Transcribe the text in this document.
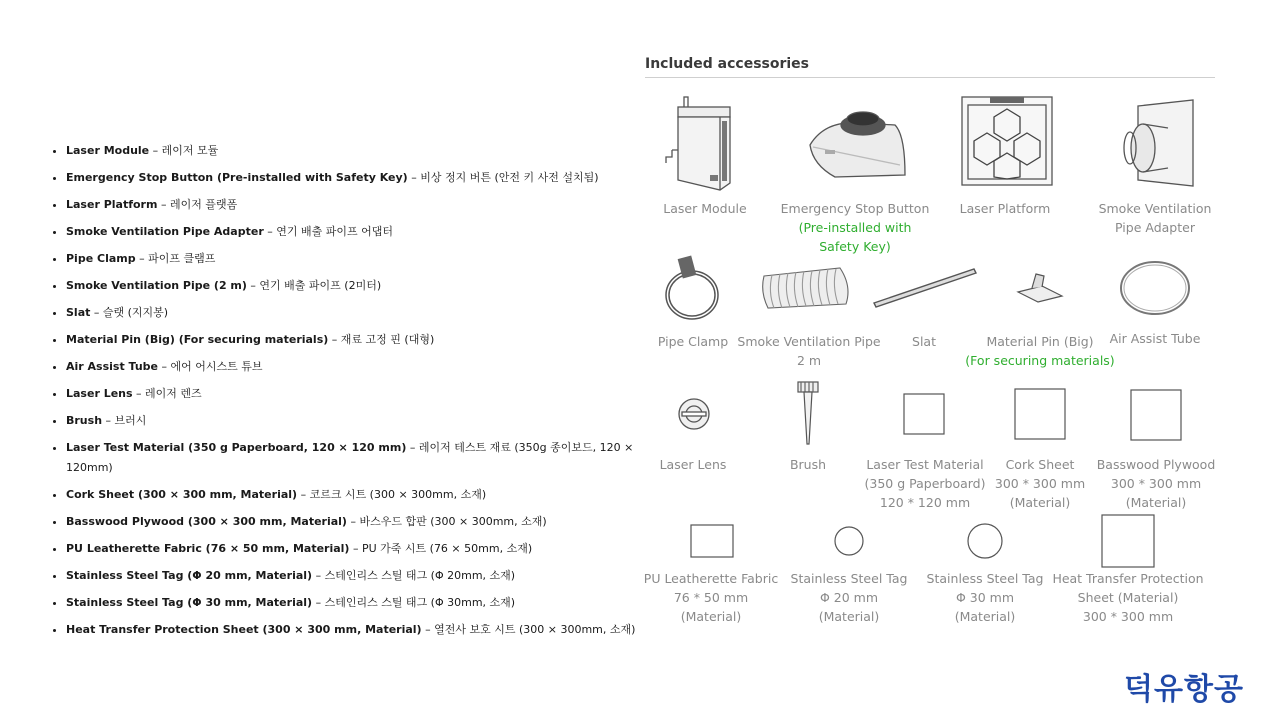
• Laser Module – 레이저 모듈
• Emergency Stop Button (Pre-installed with Safety Key) – 비상 정지 버튼 (안전 키 사전 설치됨)
• Laser Platform – 레이저 플랫폼
• Smoke Ventilation Pipe Adapter – 연기 배출 파이프 어댑터
• Pipe Clamp – 파이프 클램프
• Smoke Ventilation Pipe (2 m) – 연기 배출 파이프 (2미터)
• Slat – 슬랫 (지지봉)
• Material Pin (Big) (For securing materials) – 재료 고정 핀 (대형)
• Air Assist Tube – 에어 어시스트 튜브
• Laser Lens – 레이저 렌즈
• Brush – 브러시
• Laser Test Material (350 g Paperboard, 120 × 120 mm) – 레이저 테스트 재료 (350g 종이보드, 120 × 120mm)
• Cork Sheet (300 × 300 mm, Material) – 코르크 시트 (300 × 300mm, 소재)
• Basswood Plywood (300 × 300 mm, Material) – 바스우드 합판 (300 × 300mm, 소재)
• PU Leatherette Fabric (76 × 50 mm, Material) – PU 가죽 시트 (76 × 50mm, 소재)
• Stainless Steel Tag (Φ 20 mm, Material) – 스테인리스 스틸 태그 (Φ 20mm, 소재)
• Stainless Steel Tag (Φ 30 mm, Material) – 스테인리스 스틸 태그 (Φ 30mm, 소재)
• Heat Transfer Protection Sheet (300 × 300 mm, Material) – 열전사 보호 시트 (300 × 300mm, 소재)
Included accessories
Laser Module	Emergency Stop Button
(Pre-installed with
Safety Key)
Laser Platform	Smoke Ventilation
Pipe Adapter
Pipe Clamp Smoke Ventilation Pipe
2 m
Slat	Material Pin (Big)
(For securing materials)
Air Assist Tube
Laser Lens	Brush	Laser Test Material
(350 g Paperboard)
120 * 120 mm
Cork Sheet
300 * 300 mm
(Material)
Basswood Plywood
300 * 300 mm
(Material)
PU Leatherette Fabric
76 * 50 mm
(Material)
Stainless Steel Tag
Φ 20 mm
(Material)
Stainless Steel Tag
Φ 30 mm
(Material)
Heat Transfer Protection
Sheet (Material)
300 * 300 mm
덕유항공
